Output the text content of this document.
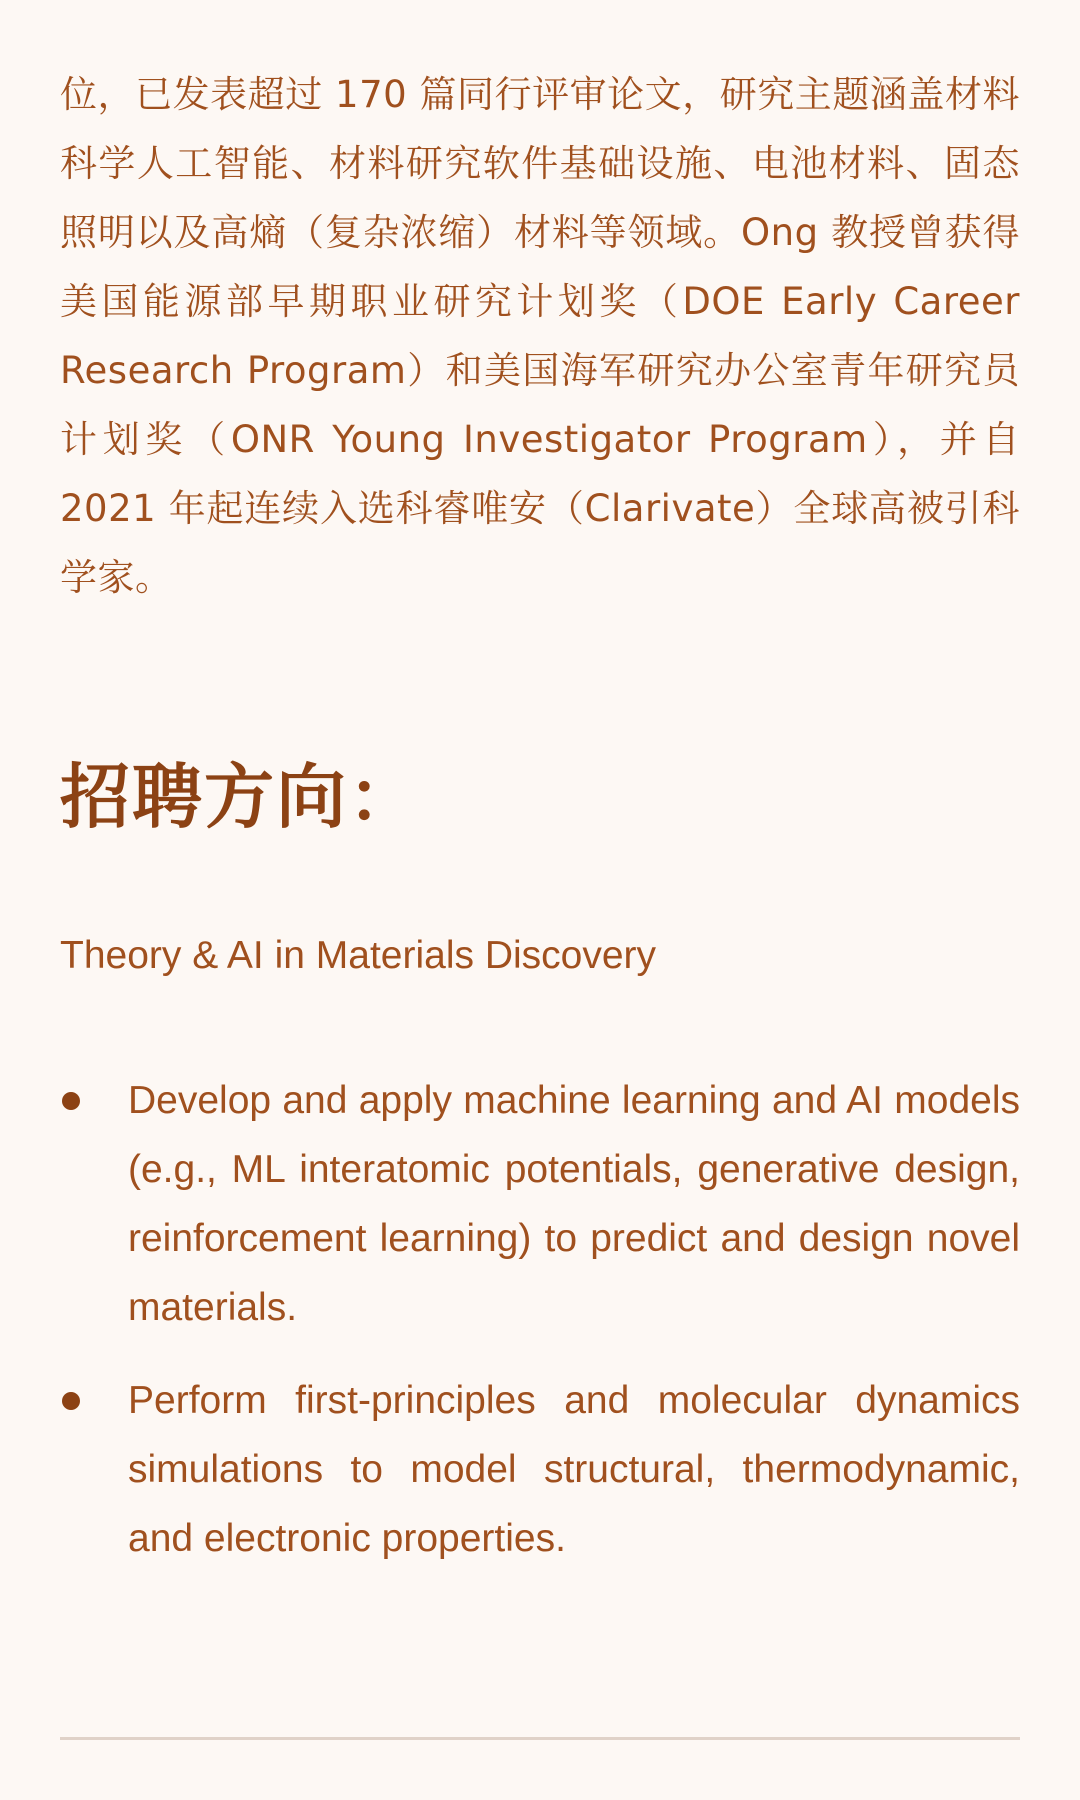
位，已发表超过 170 篇同行评审论文，研究主题涵盖材料科学人工智能、材料研究软件基础设施、电池材料、固态照明以及高熵（复杂浓缩）材料等领域。Ong 教授曾获得美国能源部早期职业研究计划奖（DOE Early Career Research Program）和美国海军研究办公室青年研究员计划奖（ONR Young Investigator Program），并自 2021 年起连续入选科睿唯安（Clarivate）全球高被引科学家。

招聘方向：
Theory & AI in Materials Discovery
Develop and apply machine learning and AI models (e.g., ML interatomic potentials, generative design, reinforcement learning) to predict and design novel materials.
Perform first-principles and molecular dynamics simulations to model structural, thermodynamic, and electronic properties.
